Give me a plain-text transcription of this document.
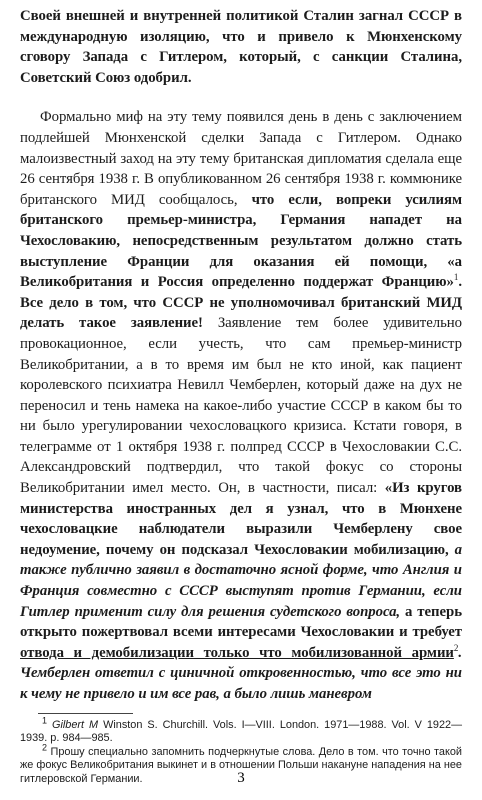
Своей внешней и внутренней политикой Сталин загнал СССР в международную изоляцию, что и привело к Мюнхенскому сговору Запада с Гитлером, который, с санкции Сталина, Советский Союз одобрил.

Формально миф на эту тему появился день в день с заключением подлейшей Мюнхенской сделки Запада с Гитлером. Однако малоизвестный заход на эту тему британская дипломатия сделала еще 26 сентября 1938 г. В опубликованном 26 сентября 1938 г. коммюнике британского МИД сообщалось, что если, вопреки усилиям британского премьер-министра, Германия нападет на Чехословакию, непосредственным результатом должно стать выступление Франции для оказания ей помощи, «а Великобритания и Россия определенно поддержат Францию»$^1$. Все дело в том, что СССР не уполномочивал британский МИД делать такое заявление! Заявление тем более удивительно провокационное, если учесть, что сам премьер-министр Великобритании, а в то время им был не кто иной, как пациент королевского психиатра Невилл Чемберлен, который даже на дух не переносил и тень намека на какое-либо участие СССР в каком бы то ни было урегулировании чехословацкого кризиса. Кстати говоря, в телеграмме от 1 октября 1938 г. полпред СССР в Чехословакии С.С. Александровский подтвердил, что такой фокус со стороны Великобритании имел место. Он, в частности, писал: «Из кругов министерства иностранных дел я узнал, что в Мюнхене чехословацкие наблюдатели выразили Чемберлену свое недоумение, почему он подсказал Чехословакии мобилизацию, а также публично заявил в достаточно ясной форме, что Англия и Франция совместно с СССР выступят против Германии, если Гитлер применит силу для решения судетского вопроса, а теперь открыто пожертвовал всеми интересами Чехословакии и требует отвода и демобилизации только что мобилизованной армии$^2$. Чемберлен ответил с циничной откровенностью, что все это ни к чему не привело и им все рав, а было лишь маневром

$^1$ Gilbert M Winston S. Churchill. Vols. I—VIII. London. 1971—1988. Vol. V 1922—1939. p. 984—985.

$^2$ Прошу специально запомнить подчеркнутые слова. Дело в том. что точно такой же фокус Великобритания выкинет и в отношении Польши накануне нападения на нее гитлеровской Германии.	3
